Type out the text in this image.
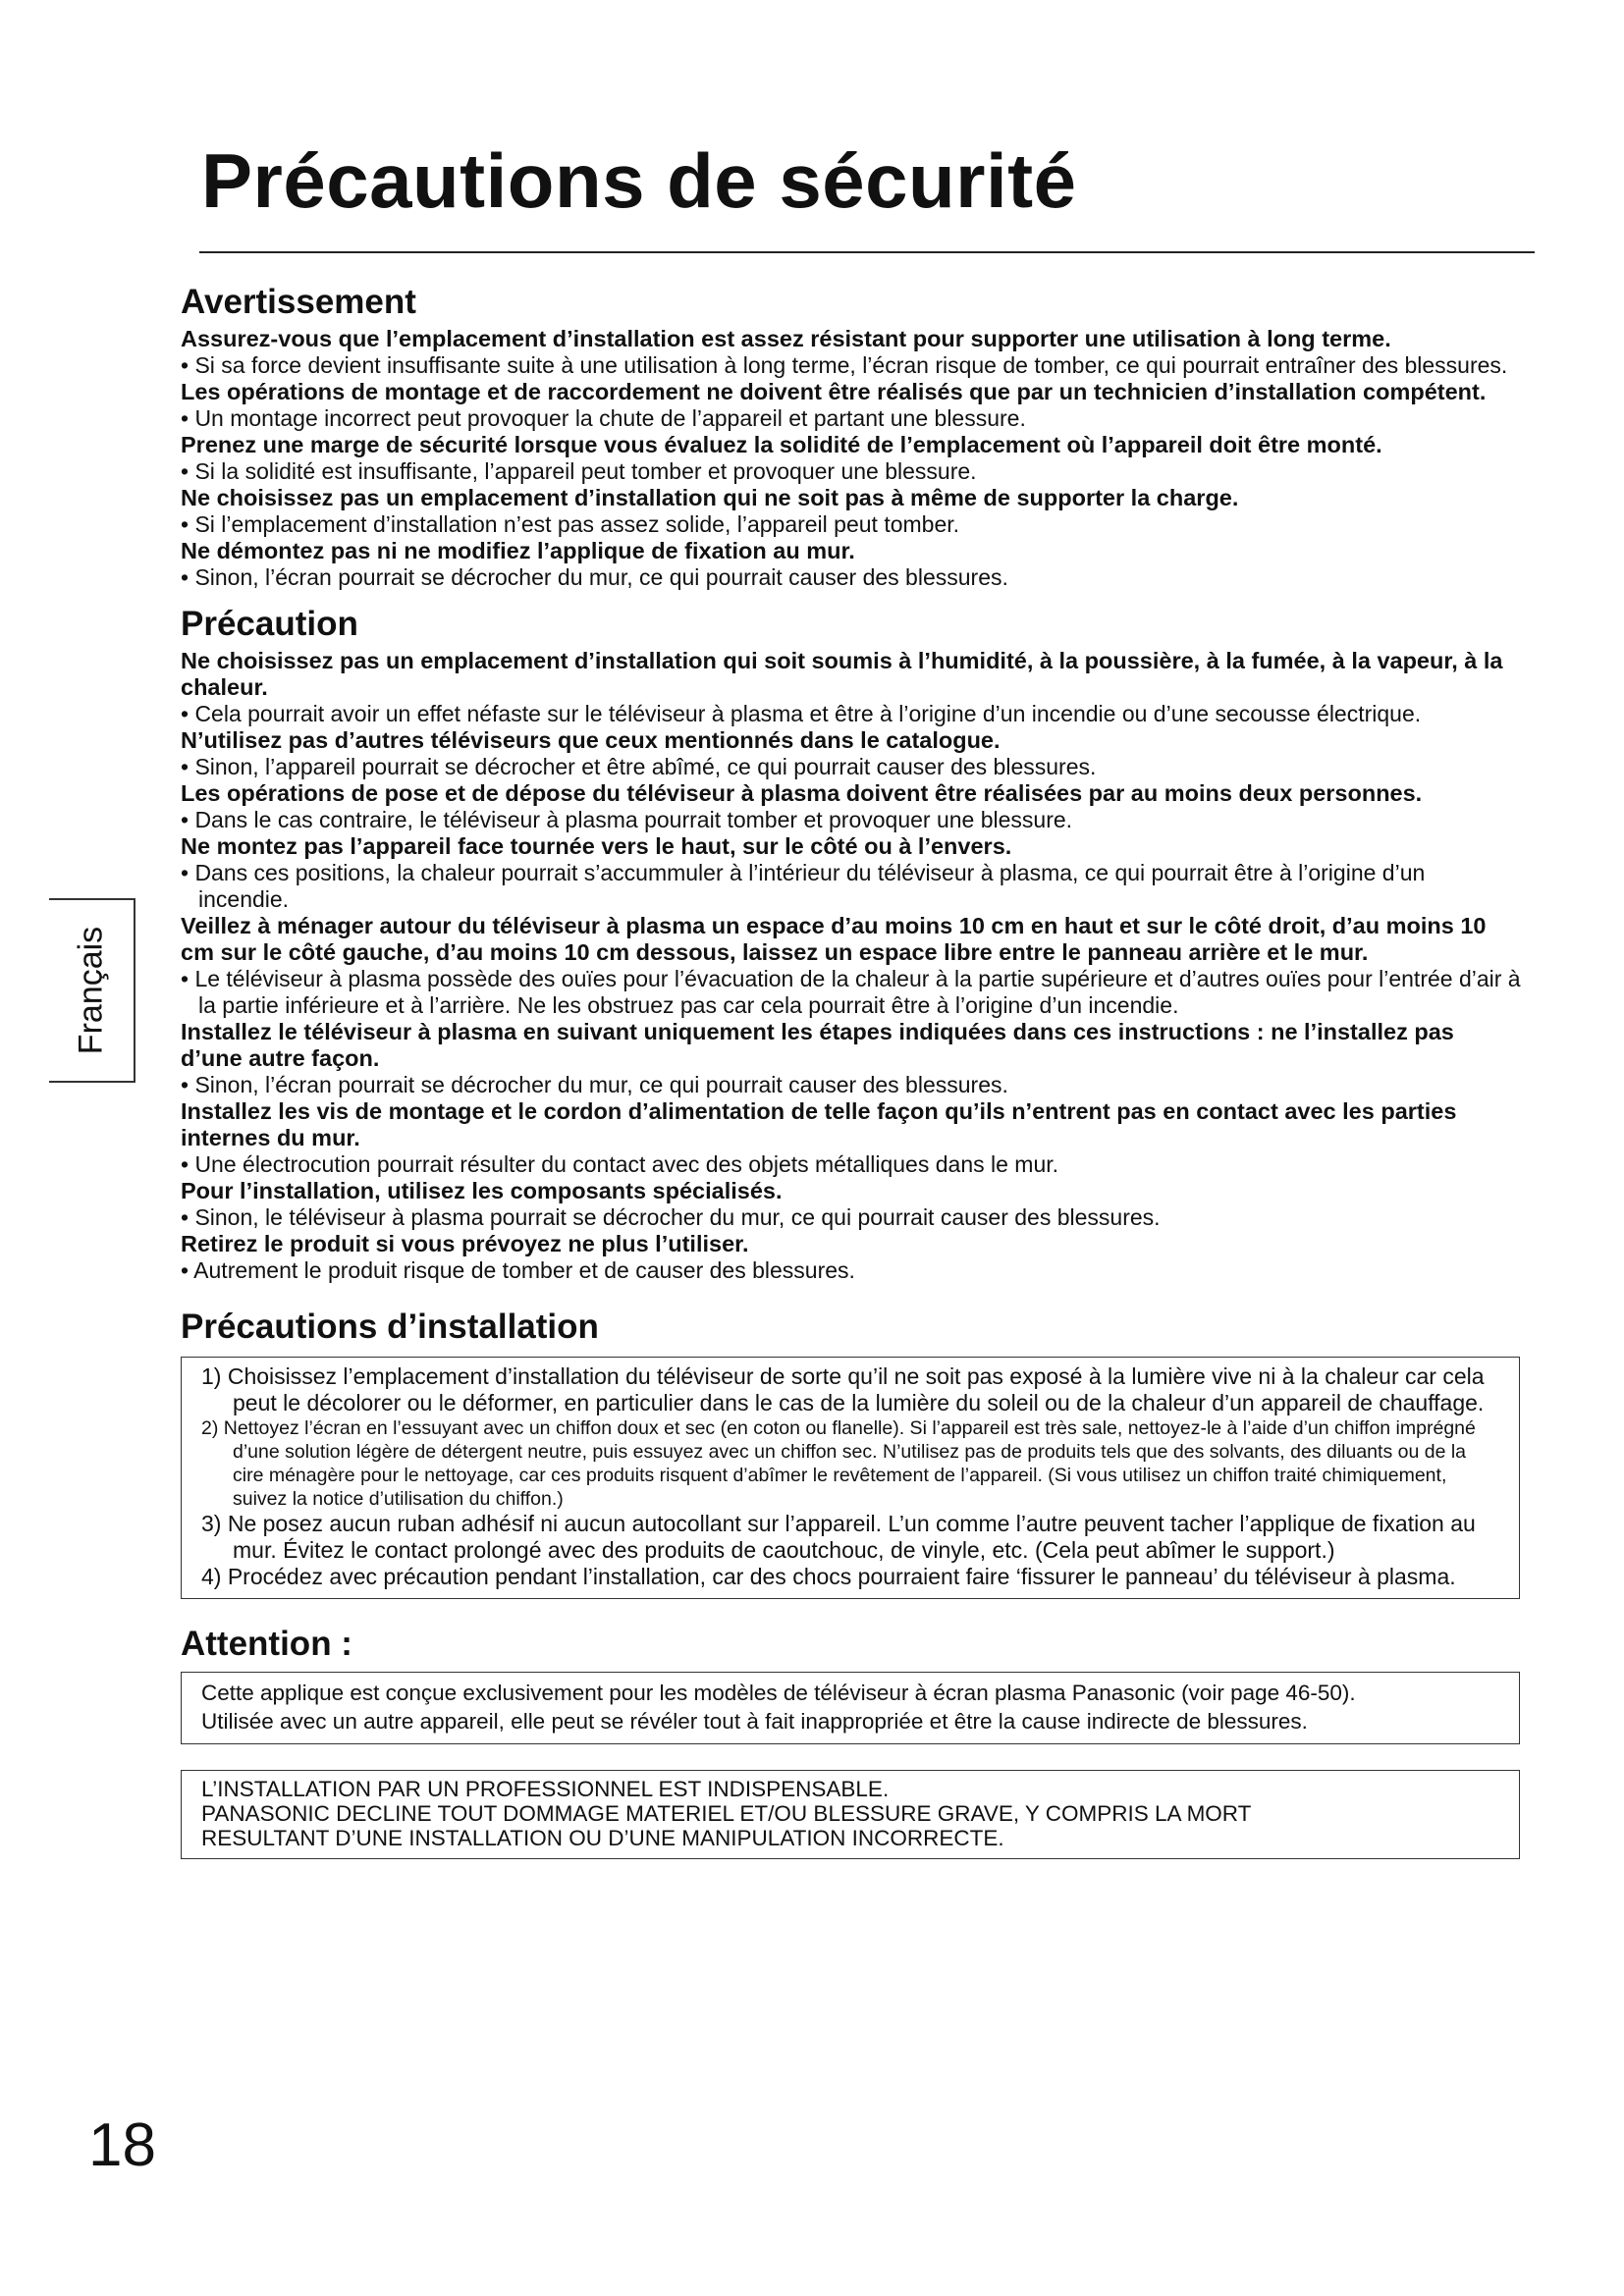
Précautions de sécurité
Français
Avertissement

Assurez-vous que l’emplacement d’installation est assez résistant pour supporter une utilisation à long terme.

• Si sa force devient insuffisante suite à une utilisation à long terme, l’écran risque de tomber, ce qui pourrait entraîner des blessures.

Les opérations de montage et de raccordement ne doivent être réalisés que par un technicien d’installation compétent.

• Un montage incorrect peut provoquer la chute de l’appareil et partant une blessure.

Prenez une marge de sécurité lorsque vous évaluez la solidité de l’emplacement où l’appareil doit être monté.

• Si la solidité est insuffisante, l’appareil peut tomber et provoquer une blessure.

Ne choisissez pas un emplacement d’installation qui ne soit pas à même de supporter la charge.

• Si l’emplacement d’installation n’est pas assez solide, l’appareil peut tomber.

Ne démontez pas ni ne modifiez l’applique de fixation au mur.

• Sinon, l’écran pourrait se décrocher du mur, ce qui pourrait causer des blessures.

Précaution

Ne choisissez pas un emplacement d’installation qui soit soumis à l’humidité, à la poussière, à la fumée, à la vapeur, à la chaleur.

• Cela pourrait avoir un effet néfaste sur le téléviseur à plasma et être à l’origine d’un incendie ou d’une secousse électrique.

N’utilisez pas d’autres téléviseurs que ceux mentionnés dans le catalogue.

• Sinon, l’appareil pourrait se décrocher et être abîmé, ce qui pourrait causer des blessures.

Les opérations de pose et de dépose du téléviseur à plasma doivent être réalisées par au moins deux personnes.

• Dans le cas contraire, le téléviseur à plasma pourrait tomber et provoquer une blessure.

Ne montez pas l’appareil face tournée vers le haut, sur le côté ou à l’envers.

• Dans ces positions, la chaleur pourrait s’accummuler à l’intérieur du téléviseur à plasma, ce qui pourrait être à l’origine d’un incendie.

Veillez à ménager autour du téléviseur à plasma un espace d’au moins 10 cm en haut et sur le côté droit, d’au moins 10 cm sur le côté gauche, d’au moins 10 cm dessous, laissez un espace libre entre le panneau arrière et le mur.

• Le téléviseur à plasma possède des ouïes pour l’évacuation de la chaleur à la partie supérieure et d’autres ouïes pour l’entrée d’air à la partie inférieure et à l’arrière. Ne les obstruez pas car cela pourrait être à l’origine d’un incendie.

Installez le téléviseur à plasma en suivant uniquement les étapes indiquées dans ces instructions : ne l’installez pas d’une autre façon.

• Sinon, l’écran pourrait se décrocher du mur, ce qui pourrait causer des blessures.

Installez les vis de montage et le cordon d’alimentation de telle façon qu’ils n’entrent pas en contact avec les parties internes du mur.

• Une électrocution pourrait résulter du contact avec des objets métalliques dans le mur.

Pour l’installation, utilisez les composants spécialisés.

• Sinon, le téléviseur à plasma pourrait se décrocher du mur, ce qui pourrait causer des blessures.

Retirez le produit si vous prévoyez ne plus l’utiliser.

• Autrement le produit risque de tomber et de causer des blessures.

Précautions d’installation

1) Choisissez l’emplacement d’installation du téléviseur de sorte qu’il ne soit pas exposé à la lumière vive ni à la chaleur car cela peut le décolorer ou le déformer, en particulier dans le cas de la lumière du soleil ou de la chaleur d’un appareil de chauffage.

2) Nettoyez l’écran en l’essuyant avec un chiffon doux et sec (en coton ou flanelle). Si l’appareil est très sale, nettoyez-le à l’aide d’un chiffon imprégné d’une solution légère de détergent neutre, puis essuyez avec un chiffon sec. N’utilisez pas de produits tels que des solvants, des diluants ou de la cire ménagère pour le nettoyage, car ces produits risquent d’abîmer le revêtement de l’appareil. (Si vous utilisez un chiffon traité chimiquement, suivez la notice d’utilisation du chiffon.)

3) Ne posez aucun ruban adhésif ni aucun autocollant sur l’appareil. L’un comme l’autre peuvent tacher l’applique de fixation au mur. Évitez le contact prolongé avec des produits de caoutchouc, de vinyle, etc. (Cela peut abîmer le support.)

4) Procédez avec précaution pendant l’installation, car des chocs pourraient faire ‘fissurer le panneau’ du téléviseur à plasma.

Attention :

Cette applique est conçue exclusivement pour les modèles de téléviseur à écran plasma Panasonic (voir page 46-50).

Utilisée avec un autre appareil, elle peut se révéler tout à fait inappropriée et être la cause indirecte de blessures.

L’INSTALLATION PAR UN PROFESSIONNEL EST INDISPENSABLE.

PANASONIC DECLINE TOUT DOMMAGE MATERIEL ET/OU BLESSURE GRAVE, Y COMPRIS LA MORT

RESULTANT D’UNE INSTALLATION OU D’UNE MANIPULATION INCORRECTE.

18
